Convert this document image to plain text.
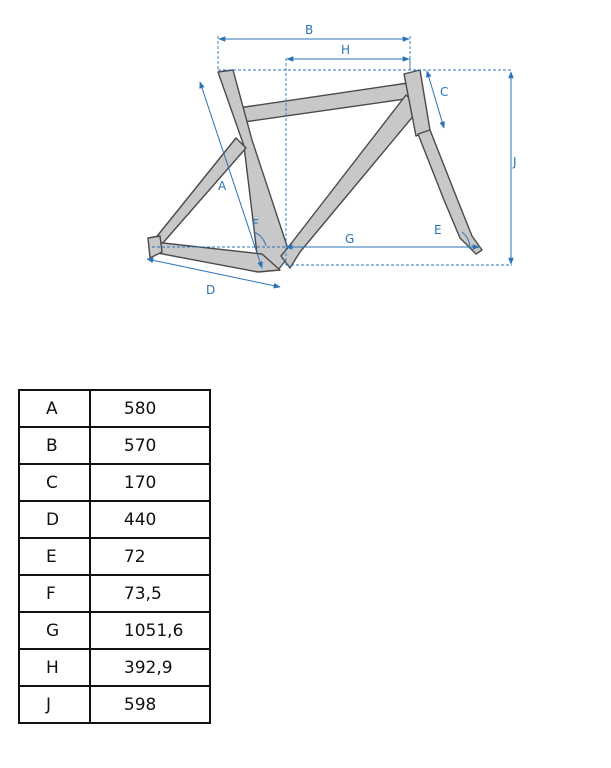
B
H
C
J
A
F	E
G
D
A	580
B	570
C	170
D	440
E	72
F	73,5
G	1051,6
H	392,9
J	598
